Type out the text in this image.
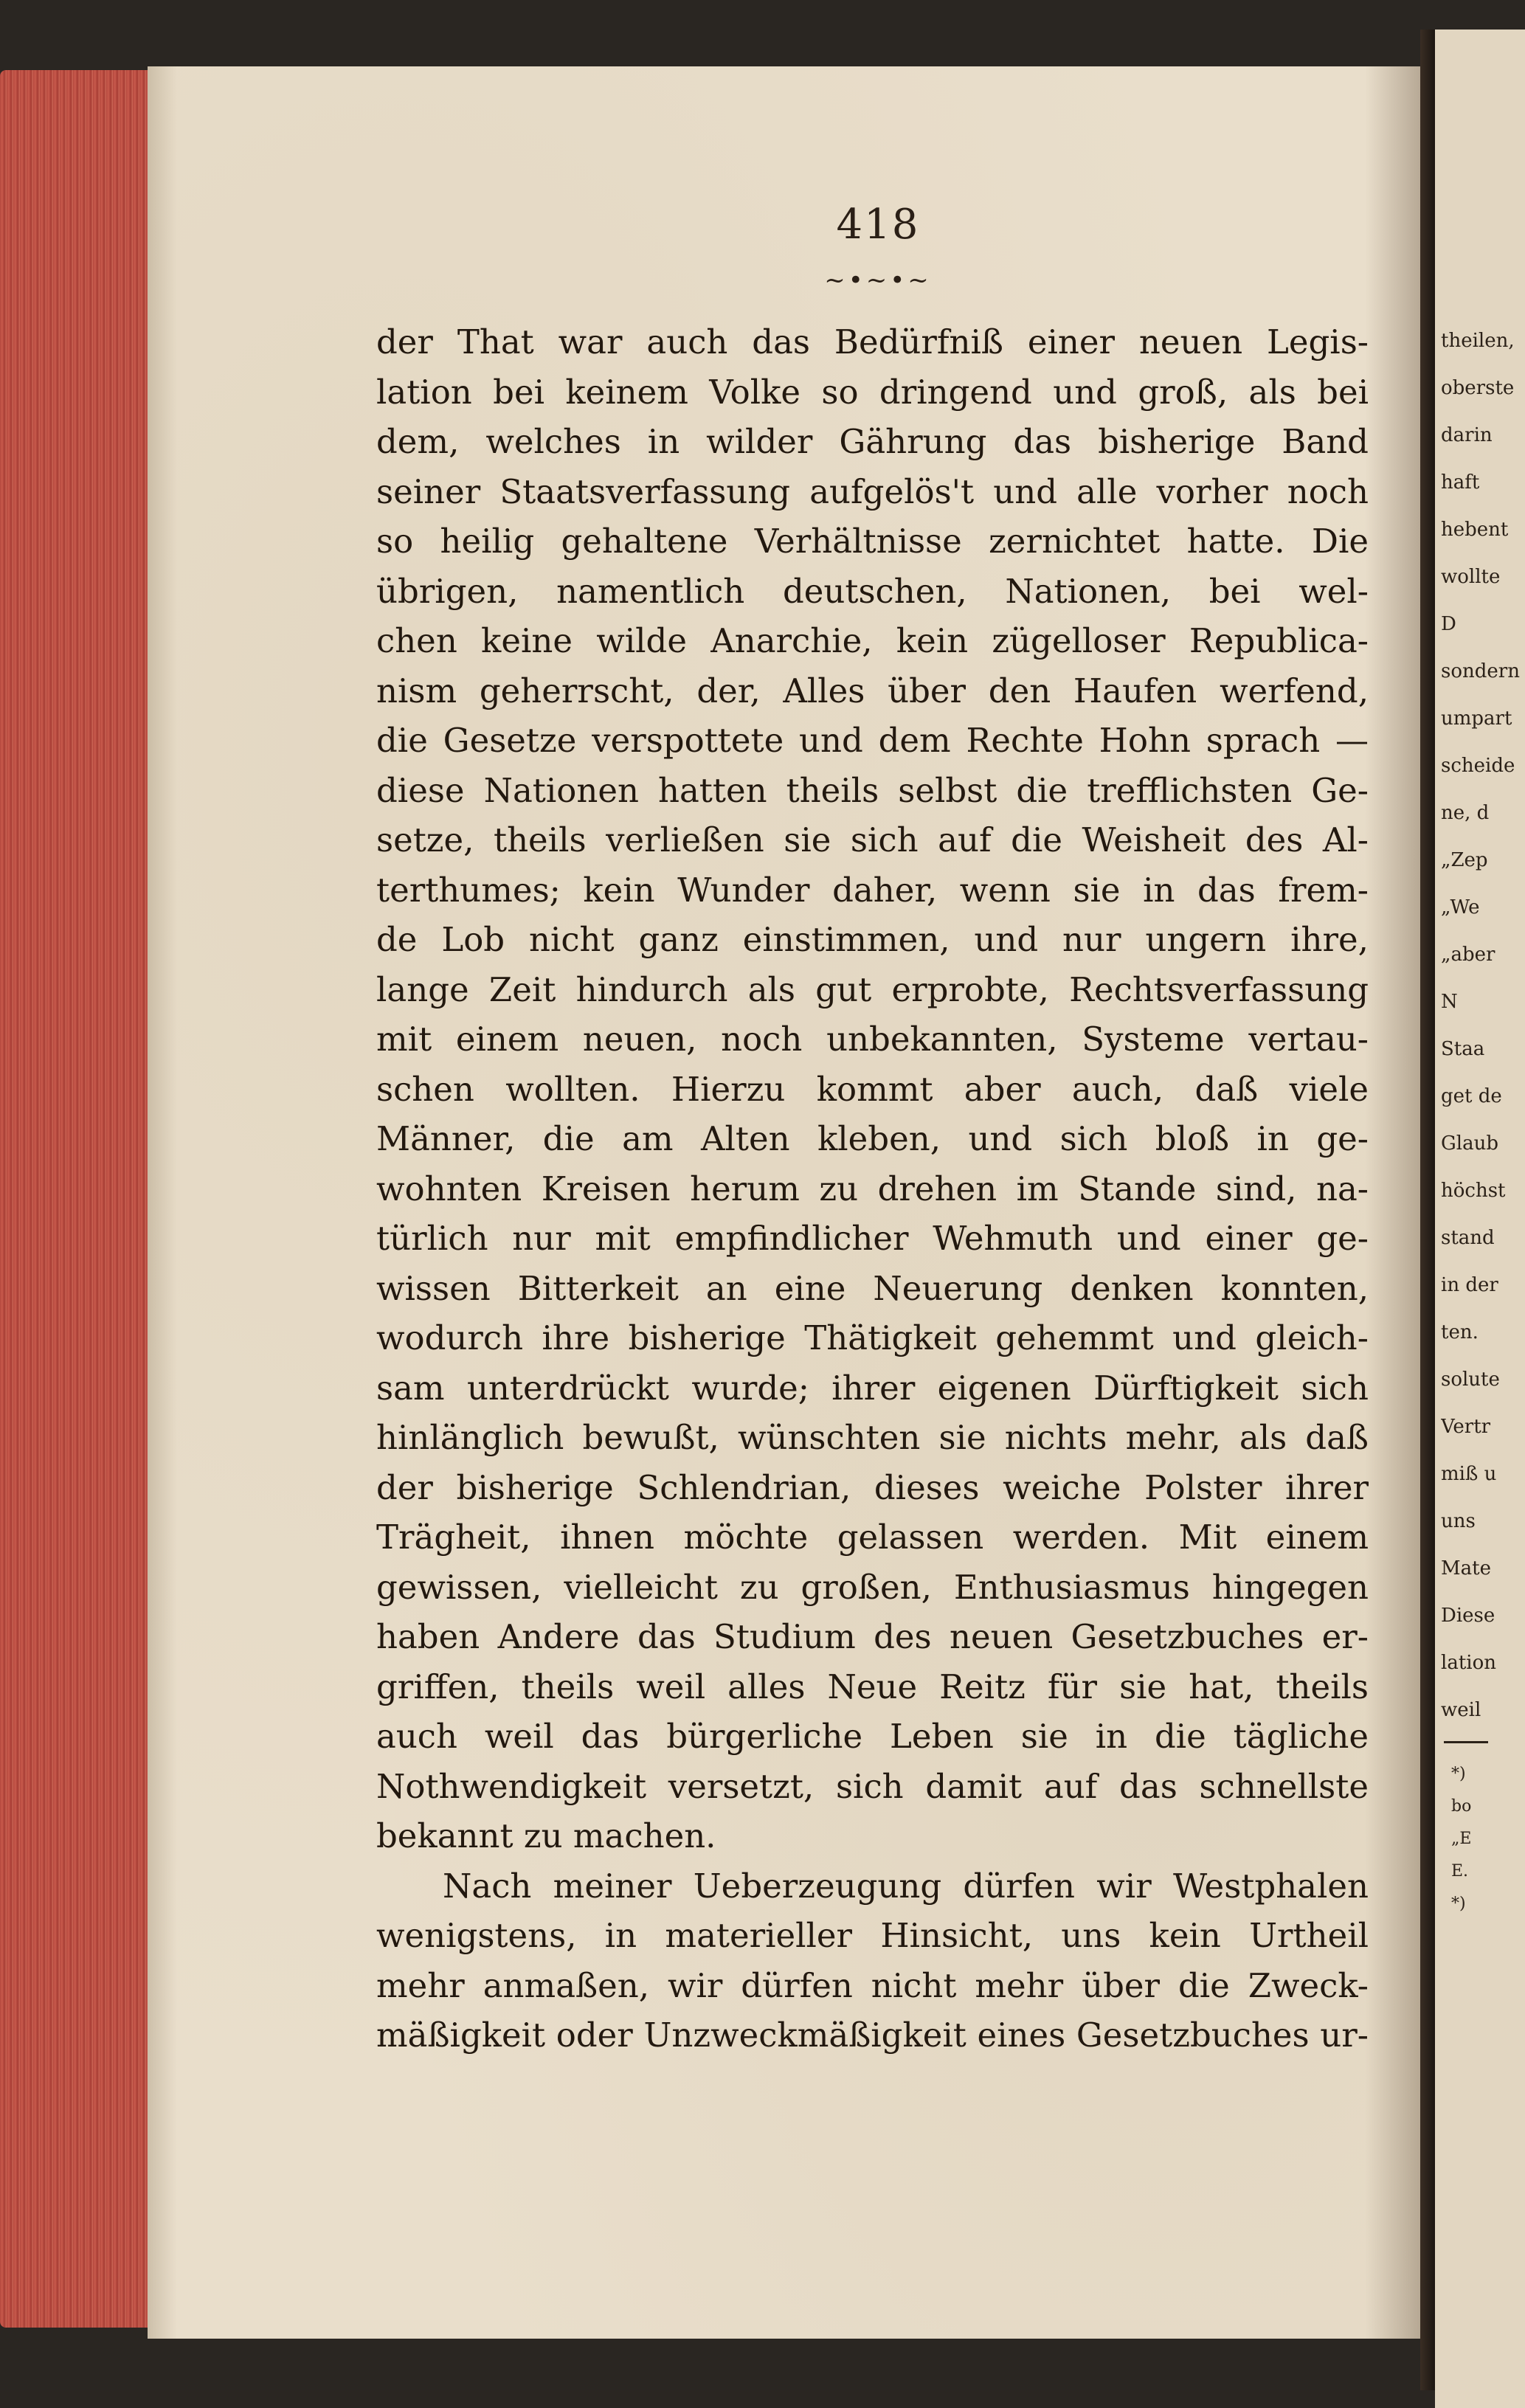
418
~•~•~
der That war auch das Bedürfniß einer neuen Legis-
lation bei keinem Volke so dringend und groß, als bei
dem, welches in wilder Gährung das bisherige Band
seiner Staatsverfassung aufgelös't und alle vorher noch
so heilig gehaltene Verhältnisse zernichtet hatte. Die
übrigen, namentlich deutschen, Nationen, bei wel-
chen keine wilde Anarchie, kein zügelloser Republica-
nism geherrscht, der, Alles über den Haufen werfend,
die Gesetze verspottete und dem Rechte Hohn sprach —
diese Nationen hatten theils selbst die trefflichsten Ge-
setze, theils verließen sie sich auf die Weisheit des Al-
terthumes; kein Wunder daher, wenn sie in das frem-
de Lob nicht ganz einstimmen, und nur ungern ihre,
lange Zeit hindurch als gut erprobte, Rechtsverfassung
mit einem neuen, noch unbekannten, Systeme vertau-
schen wollten. Hierzu kommt aber auch, daß viele
Männer, die am Alten kleben, und sich bloß in ge-
wohnten Kreisen herum zu drehen im Stande sind, na-
türlich nur mit empfindlicher Wehmuth und einer ge-
wissen Bitterkeit an eine Neuerung denken konnten,
wodurch ihre bisherige Thätigkeit gehemmt und gleich-
sam unterdrückt wurde; ihrer eigenen Dürftigkeit sich
hinlänglich bewußt, wünschten sie nichts mehr, als daß
der bisherige Schlendrian, dieses weiche Polster ihrer
Trägheit, ihnen möchte gelassen werden. Mit einem
gewissen, vielleicht zu großen, Enthusiasmus hingegen
haben Andere das Studium des neuen Gesetzbuches er-
griffen, theils weil alles Neue Reitz für sie hat, theils
auch weil das bürgerliche Leben sie in die tägliche
Nothwendigkeit versetzt, sich damit auf das schnellste
bekannt zu machen.
Nach meiner Ueberzeugung dürfen wir Westphalen
wenigstens, in materieller Hinsicht, uns kein Urtheil
mehr anmaßen, wir dürfen nicht mehr über die Zweck-
mäßigkeit oder Unzweckmäßigkeit eines Gesetzbuches ur-
theilen,
oberste
darin
haft
hebent
wollte
D
sondern
umpart
scheide
ne, d
„Zep
„We
„aber
N
Staa
get de
Glaub
höchst
stand
in der
ten.
solute
Vertr
miß u
uns
Mate
Diese
lation
weil
*)
bo
„E
E.
*)
